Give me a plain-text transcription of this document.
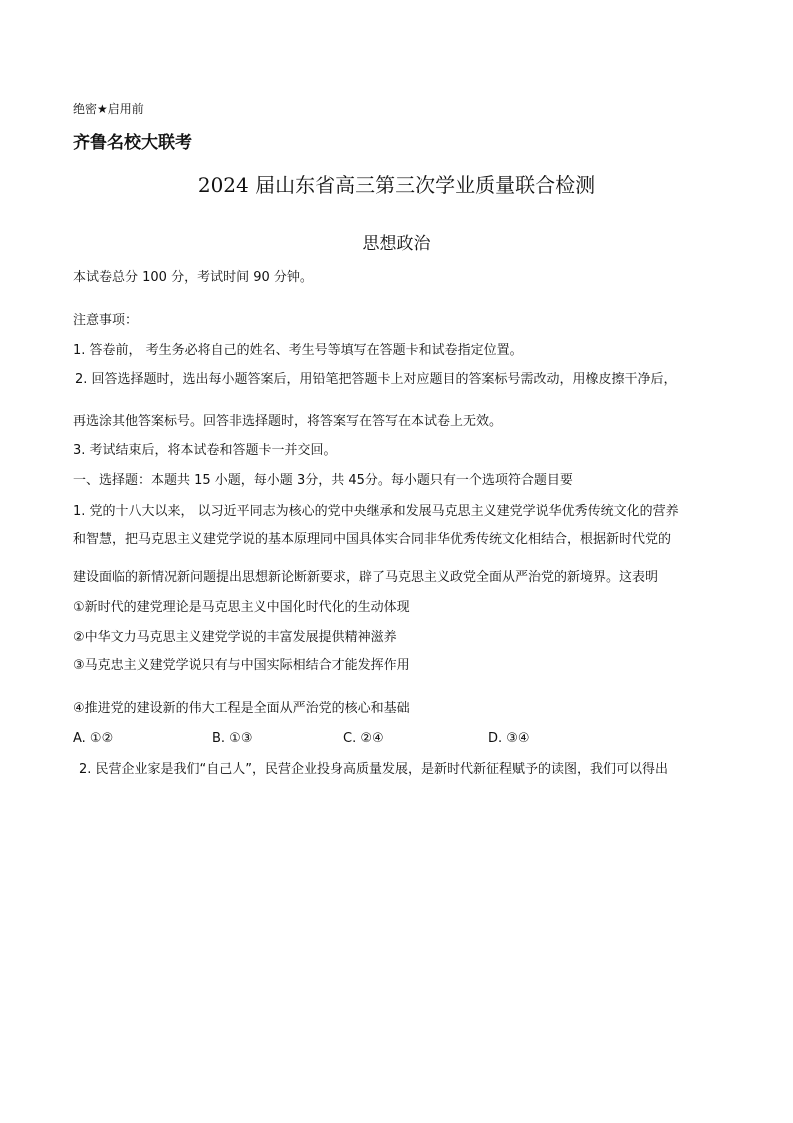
绝密★启用前
齐鲁名校大联考
2024 届山东省高三第三次学业质量联合检测
思想政治
本试卷总分 100 分，考试时间 90 分钟。
注意事项：
1. 答卷前， 考生务必将自己的姓名、考生号等填写在答题卡和试卷指定位置。
2. 回答选择题时，选出每小题答案后，用铅笔把答题卡上对应题目的答案标号需改动，用橡皮擦干净后，
再选涂其他答案标号。回答非选择题时，将答案写在答写在本试卷上无效。
3. 考试结束后，将本试卷和答题卡一并交回。
一、选择题：本题共 15 小题，每小题 3分，共 45分。每小题只有一个选项符合题目要
1. 党的十八大以来， 以习近平同志为核心的党中央继承和发展马克思主义建党学说华优秀传统文化的营养
和智慧，把马克思主义建党学说的基本原理同中国具体实合同非华优秀传统文化相结合，根据新时代党的
建设面临的新情况新问题提出思想新论断新要求，辟了马克思主义政党全面从严治党的新境界。这表明
①新时代的建党理论是马克思主义中国化时代化的生动体现
②中华文力马克思主义建党学说的丰富发展提供精神滋养
③马克忠主义建党学说只有与中国实际相结合才能发挥作用
④推进党的建设新的伟大工程是全面从严治党的核心和基础
A. ①②	B. ①③	C. ②④	D. ③④
2. 民营企业家是我们“自己人”，民营企业投身高质量发展，是新时代新征程赋予的读图，我们可以得出
